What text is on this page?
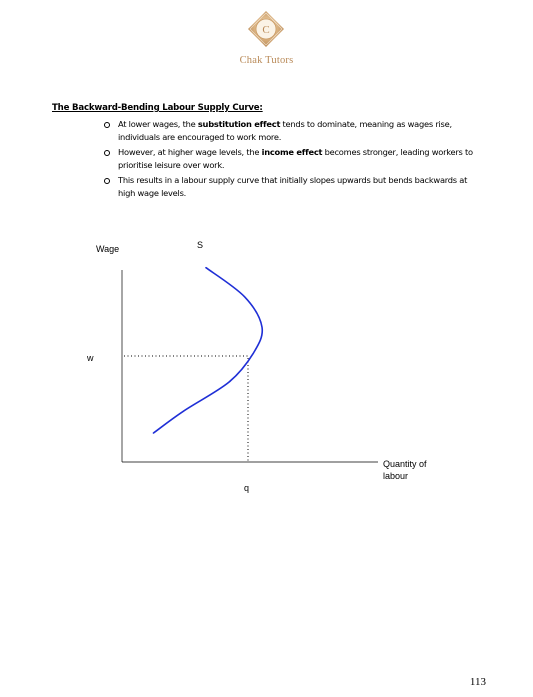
C
Chak Tutors
The Backward-Bending Labour Supply Curve:
At lower wages, the substitution effect tends to dominate, meaning as wages rise, individuals are encouraged to work more.
However, at higher wage levels, the income effect becomes stronger, leading workers to prioritise leisure over work.
This results in a labour supply curve that initially slopes upwards but bends backwards at high wage levels.
Wage
Quantity of
labour
S
w
q
113
